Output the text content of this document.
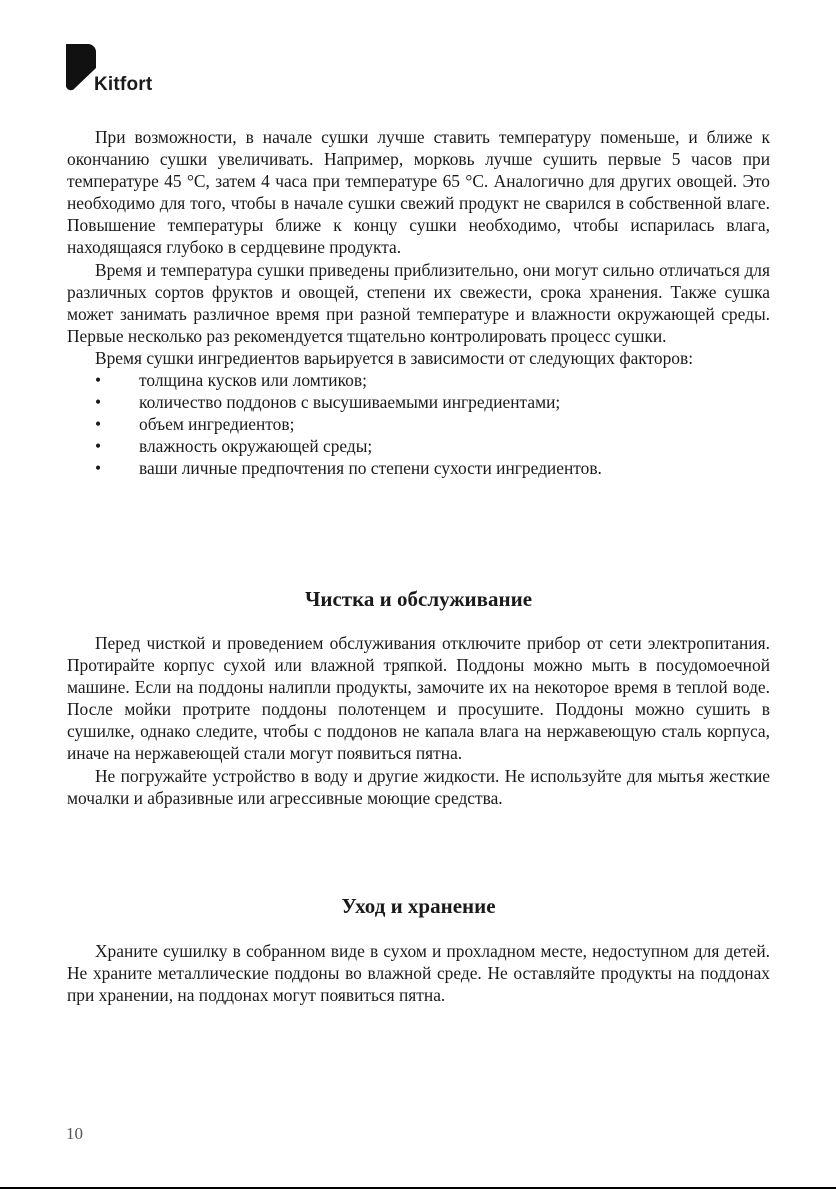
Kitfort

При возможности, в начале сушки лучше ставить температуру поменьше, и ближе к окончанию сушки увеличивать. Например, морковь лучше сушить первые 5 часов при температуре 45 °С, затем 4 часа при температуре 65 °С. Аналогично для других овощей. Это необходимо для того, чтобы в начале сушки свежий продукт не сварился в собственной влаге. Повышение температуры ближе к концу сушки необходимо, чтобы испарилась влага, находящаяся глубоко в сердцевине продукта.

Время и температура сушки приведены приблизительно, они могут сильно отличаться для различных сортов фруктов и овощей, степени их свежести, срока хранения. Также сушка может занимать различное время при разной температуре и влажности окружающей среды. Первые несколько раз рекомендуется тщательно контролировать процесс сушки.

Время сушки ингредиентов варьируется в зависимости от следующих факторов:

• толщина кусков или ломтиков;
• количество поддонов с высушиваемыми ингредиентами;
• объем ингредиентов;
• влажность окружающей среды;
• ваши личные предпочтения по степени сухости ингредиентов.
Чистка и обслуживание

Перед чисткой и проведением обслуживания отключите прибор от сети электропитания. Протирайте корпус сухой или влажной тряпкой. Поддоны можно мыть в посудомоечной машине. Если на поддоны налипли продукты, замочите их на некоторое время в теплой воде. После мойки протрите поддоны полотенцем и просушите. Поддоны можно сушить в сушилке, однако следите, чтобы с поддонов не капала влага на нержавеющую сталь корпуса, иначе на нержавеющей стали могут появиться пятна.

Не погружайте устройство в воду и другие жидкости. Не используйте для мытья жесткие мочалки и абразивные или агрессивные моющие средства.

Уход и хранение

Храните сушилку в собранном виде в сухом и прохладном месте, недоступном для детей. Не храните металлические поддоны во влажной среде. Не оставляйте продукты на поддонах при хранении, на поддонах могут появиться пятна.

10
